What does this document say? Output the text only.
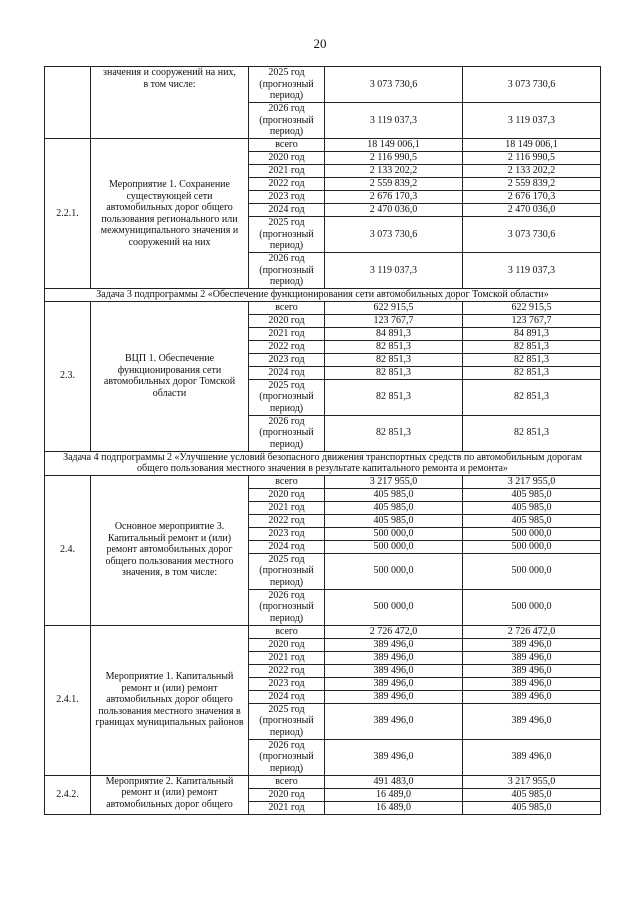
20
	значения и сооружений на них,
в том числе:	2025 год
(прогнозный
период)	3 073 730,6	3 073 730,6
		2026 год
(прогнозный
период)	3 119 037,3	3 119 037,3
2.2.1.	Мероприятие 1. Сохранение существующей сети автомобильных дорог общего пользования регионального или межмуниципального значения и сооружений на них	всего	18 149 006,1	18 149 006,1
		2020 год	2 116 990,5	2 116 990,5
		2021 год	2 133 202,2	2 133 202,2
		2022 год	2 559 839,2	2 559 839,2
		2023 год	2 676 170,3	2 676 170,3
		2024 год	2 470 036,0	2 470 036,0
		2025 год
(прогнозный
период)	3 073 730,6	3 073 730,6
		2026 год
(прогнозный
период)	3 119 037,3	3 119 037,3
Задача 3 подпрограммы 2 «Обеспечение функционирования сети автомобильных дорог Томской области»				
2.3.	ВЦП 1. Обеспечение функционирования сети автомобильных дорог Томской области	всего	622 915,5	622 915,5
		2020 год	123 767,7	123 767,7
		2021 год	84 891,3	84 891,3
		2022 год	82 851,3	82 851,3
		2023 год	82 851,3	82 851,3
		2024 год	82 851,3	82 851,3
		2025 год
(прогнозный
период)	82 851,3	82 851,3
		2026 год
(прогнозный
период)	82 851,3	82 851,3
Задача 4 подпрограммы 2 «Улучшение условий безопасного движения транспортных средств по автомобильным дорогам общего пользования местного значения в результате капитального ремонта и ремонта»				
2.4.	Основное мероприятие 3. Капитальный ремонт и (или) ремонт автомобильных дорог общего пользования местного значения, в том числе:	всего	3 217 955,0	3 217 955,0
		2020 год	405 985,0	405 985,0
		2021 год	405 985,0	405 985,0
		2022 год	405 985,0	405 985,0
		2023 год	500 000,0	500 000,0
		2024 год	500 000,0	500 000,0
		2025 год
(прогнозный
период)	500 000,0	500 000,0
		2026 год
(прогнозный
период)	500 000,0	500 000,0
2.4.1.	Мероприятие 1. Капитальный ремонт и (или) ремонт автомобильных дорог общего пользования местного значения в границах муниципальных районов	всего	2 726 472,0	2 726 472,0
		2020 год	389 496,0	389 496,0
		2021 год	389 496,0	389 496,0
		2022 год	389 496,0	389 496,0
		2023 год	389 496,0	389 496,0
		2024 год	389 496,0	389 496,0
		2025 год
(прогнозный
период)	389 496,0	389 496,0
		2026 год
(прогнозный
период)	389 496,0	389 496,0
2.4.2.	Мероприятие 2. Капитальный ремонт и (или) ремонт автомобильных дорог общего	всего	491 483,0	3 217 955,0
		2020 год	16 489,0	405 985,0
		2021 год	16 489,0	405 985,0
